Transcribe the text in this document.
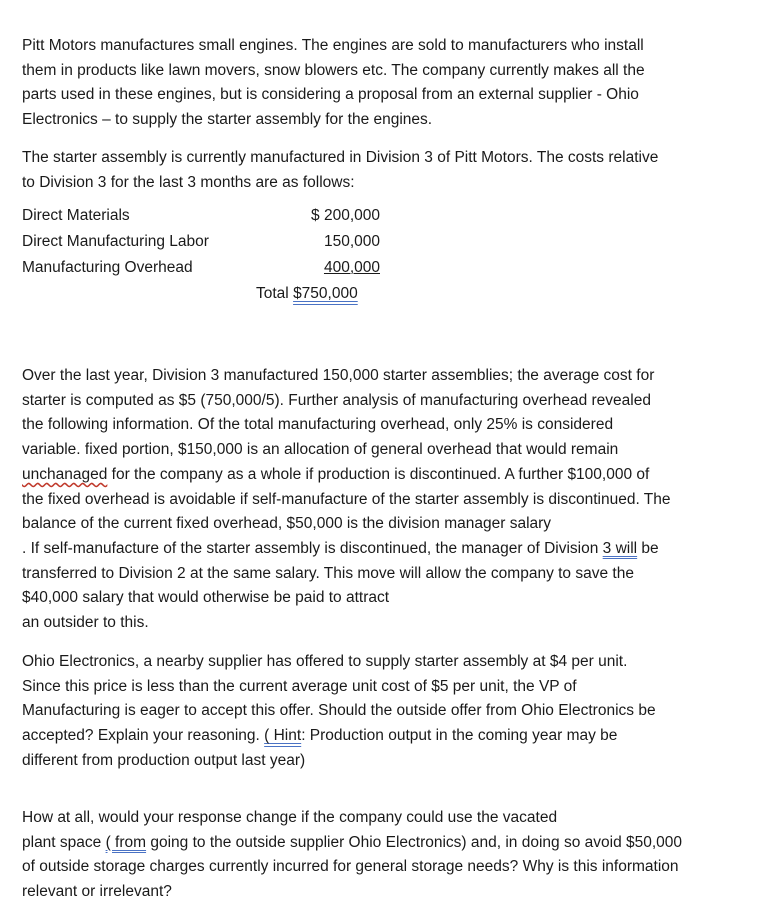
Pitt Motors manufactures small engines. The engines are sold to manufacturers who install
them in products like lawn movers, snow blowers etc. The company currently makes all the
parts used in these engines, but is considering a proposal from an external supplier - Ohio
Electronics – to supply the starter assembly for the engines.
The starter assembly is currently manufactured in Division 3 of Pitt Motors. The costs relative
to Division 3 for the last 3 months are as follows:
Direct Materials	$ 200,000
Direct Manufacturing Labor	150,000
Manufacturing Overhead	400,000
Total $750,000
Over the last year, Division 3 manufactured 150,000 starter assemblies; the average cost for
starter is computed as $5 (750,000/5). Further analysis of manufacturing overhead revealed
the following information. Of the total manufacturing overhead, only 25% is considered
variable. fixed portion, $150,000 is an allocation of general overhead that would remain
unchanaged for the company as a whole if production is discontinued. A further $100,000 of
the fixed overhead is avoidable if self-manufacture of the starter assembly is discontinued. The
balance of the current fixed overhead, $50,000 is the division manager salary
. If self-manufacture of the starter assembly is discontinued, the manager of Division 3 will be
transferred to Division 2 at the same salary. This move will allow the company to save the
$40,000 salary that would otherwise be paid to attract
an outsider to this.
Ohio Electronics, a nearby supplier has offered to supply starter assembly at $4 per unit.
Since this price is less than the current average unit cost of $5 per unit, the VP of
Manufacturing is eager to accept this offer. Should the outside offer from Ohio Electronics be
accepted? Explain your reasoning. ( Hint: Production output in the coming year may be
different from production output last year)
How at all, would your response change if the company could use the vacated
plant space ( from going to the outside supplier Ohio Electronics) and, in doing so avoid $50,000
of outside storage charges currently incurred for general storage needs? Why is this information
relevant or irrelevant?
